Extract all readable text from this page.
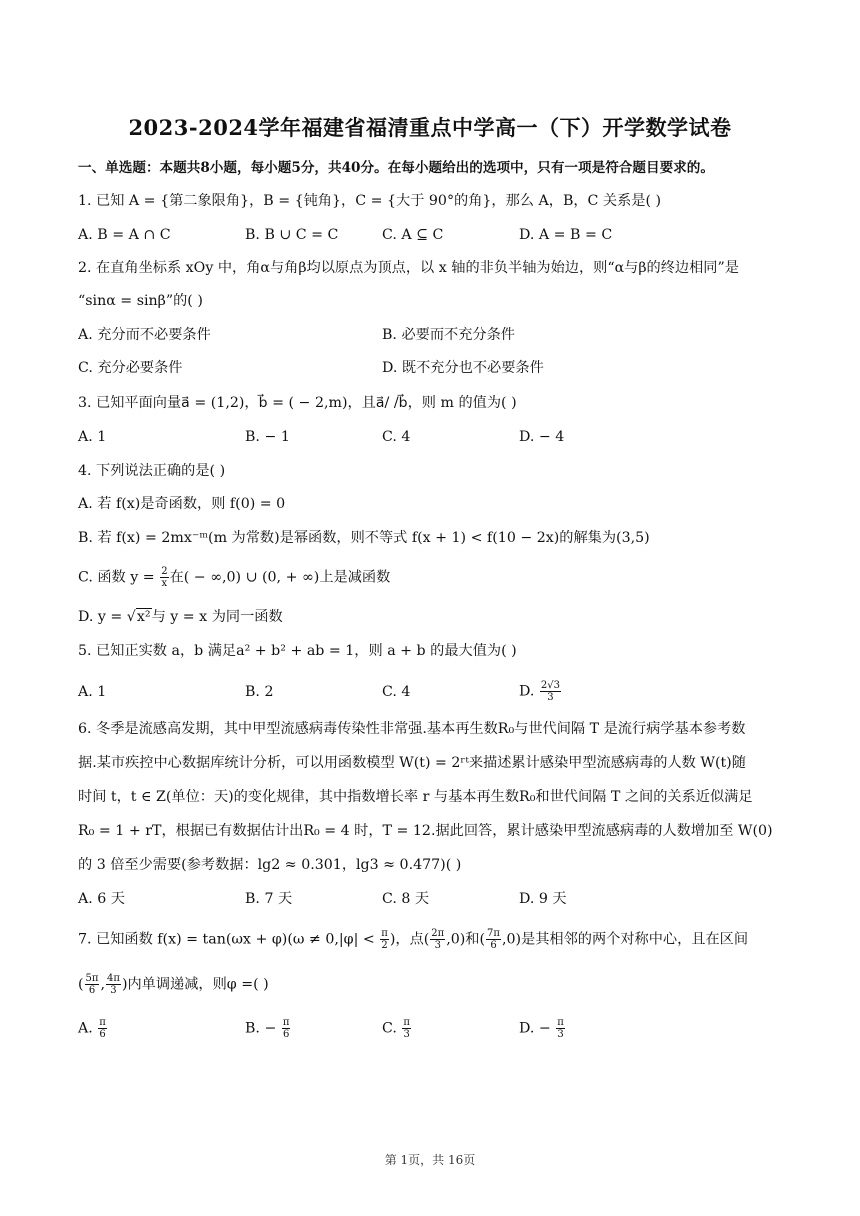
2023-2024学年福建省福清重点中学高一（下）开学数学试卷
一、单选题：本题共8小题，每小题5分，共40分。在每小题给出的选项中，只有一项是符合题目要求的。
1. 已知 A = {第二象限角}，B = {钝角}，C = {大于 90°的角}，那么 A，B，C 关系是( )
A. B = A ∩ C	B. B ∪ C = C	C. A ⊆ C	D. A = B = C
2. 在直角坐标系 xOy 中，角α与角β均以原点为顶点，以 x 轴的非负半轴为始边，则“α与β的终边相同”是
“sinα = sinβ”的( )
A. 充分而不必要条件	B. 必要而不充分条件
C. 充分必要条件	D. 既不充分也不必要条件
3. 已知平面向量a⃗ = (1,2)，b⃗ = ( − 2,m)，且a⃗/ /b⃗，则 m 的值为( )
A. 1	B. − 1	C. 4	D. − 4
4. 下列说法正确的是( )
A. 若 f(x)是奇函数，则 f(0) = 0
B. 若 f(x) = 2mx⁻ᵐ(m 为常数)是幂函数，则不等式 f(x + 1) < f(10 − 2x)的解集为(3,5)
C. 函数 $y = \frac{2}{x}$ 在( − ∞,0) ∪ (0, + ∞)上是减函数
D. y = √x²与 y = x 为同一函数
5. 已知正实数 a，b 满足a² + b² + ab = 1，则 a + b 的最大值为( )
A. 1	B. 2	C. 4	D. $\frac{2√3}{3}$
6. 冬季是流感高发期，其中甲型流感病毒传染性非常强.基本再生数R₀与世代间隔 T 是流行病学基本参考数
据.某市疾控中心数据库统计分析，可以用函数模型 W(t) = 2ʳᵗ来描述累计感染甲型流感病毒的人数 W(t)随
时间 t，t ∈ Z(单位：天)的变化规律，其中指数增长率 r 与基本再生数R₀和世代间隔 T 之间的关系近似满足
R₀ = 1 + rT，根据已有数据估计出R₀ = 4 时，T = 12.据此回答，累计感染甲型流感病毒的人数增加至 W(0)
的 3 倍至少需要(参考数据：lg2 ≈ 0.301，lg3 ≈ 0.477)( )
A. 6 天	B. 7 天	C. 8 天	D. 9 天
7. 已知函数 $f(x) = \tan(\omega x + \varphi)(\omega \ne 0,|\varphi| < \frac{\pi}{2}$ )，点( $\frac{2\pi}{3} ,0$)和( $\frac{7\pi}{6} ,0$)是其相邻的两个对称中心，且在区间
( $\frac{5\pi}{6}$ , $\frac{4\pi}{3}$ )内单调递减，则φ =( )
A. $\frac{\pi}{6}$	B. − $\frac{\pi}{6}$	C. $\frac{\pi}{3}$	D. − $\frac{\pi}{3}$
第 1页，共 16页
